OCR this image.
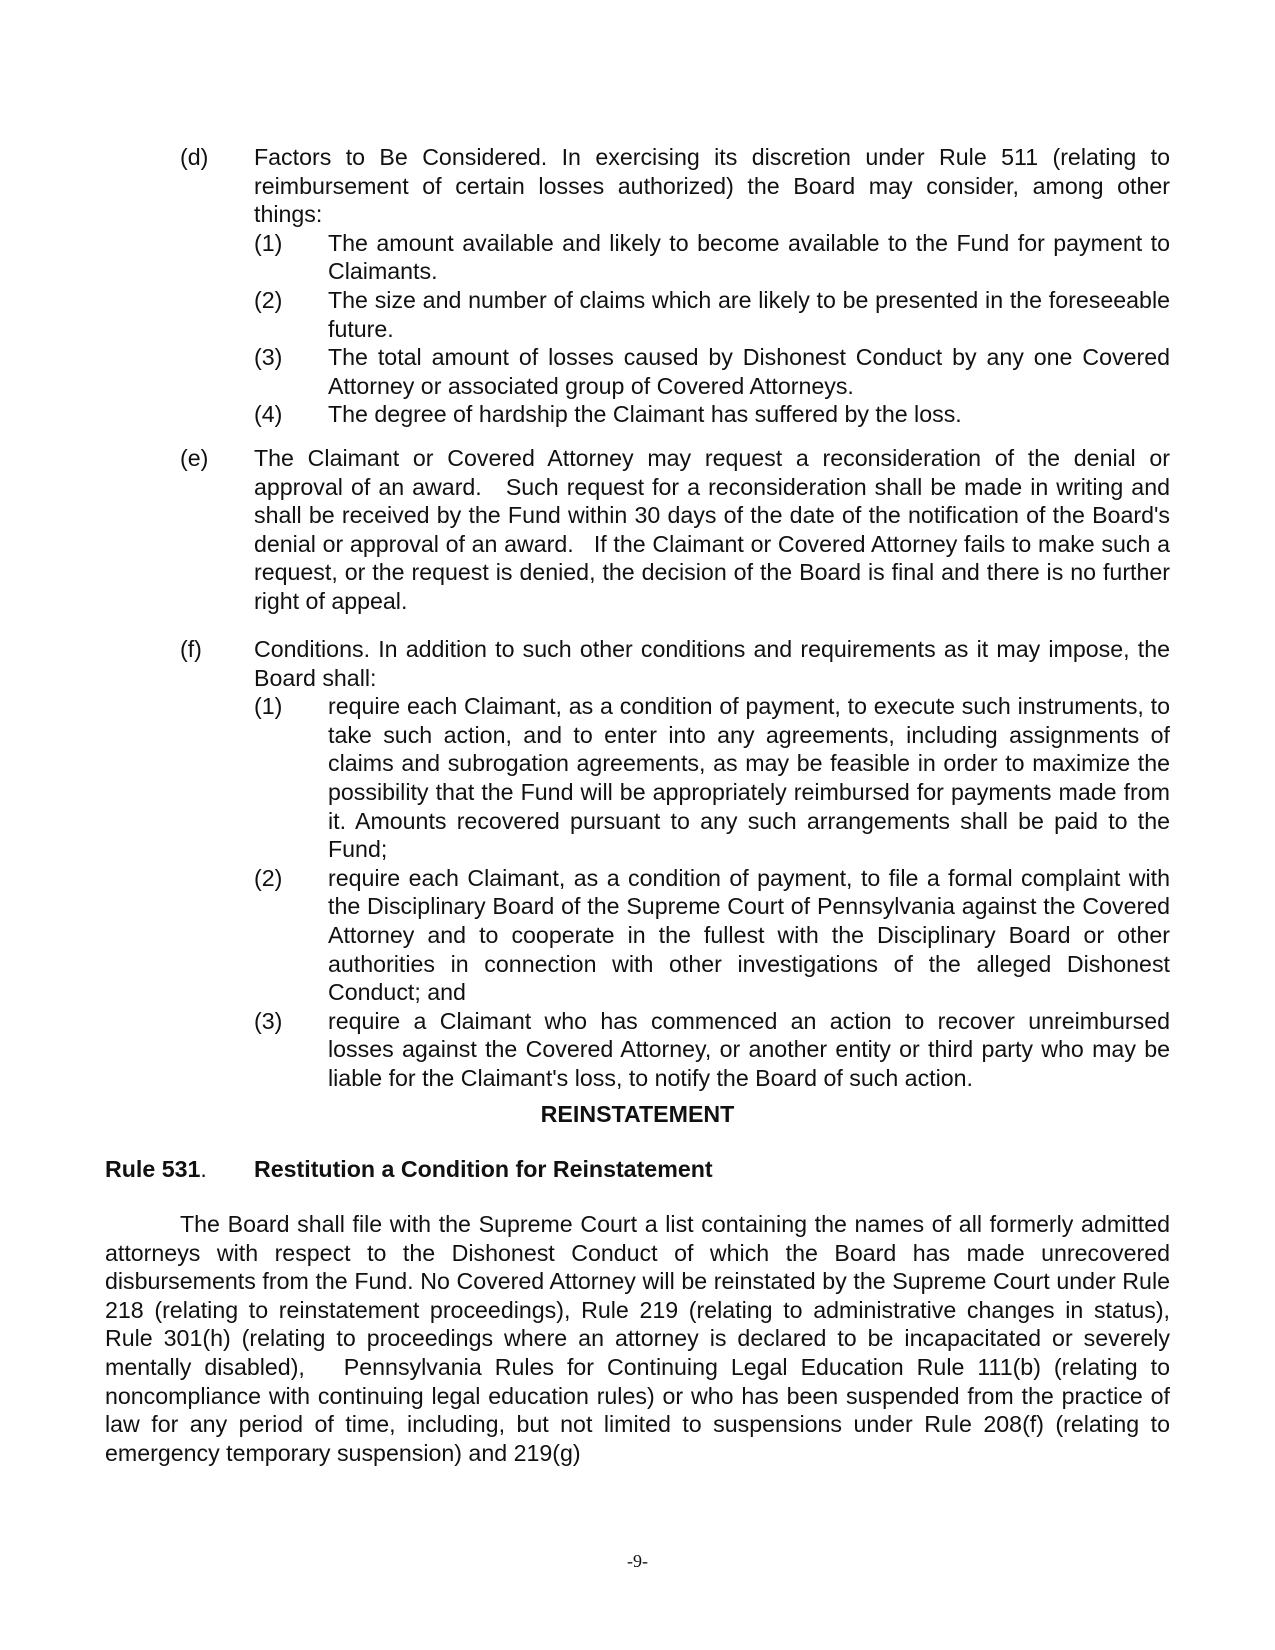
(d) Factors to Be Considered. In exercising its discretion under Rule 511 (relating to reimbursement of certain losses authorized) the Board may consider, among other things:
(1) The amount available and likely to become available to the Fund for payment to Claimants.
(2) The size and number of claims which are likely to be presented in the foreseeable future.
(3) The total amount of losses caused by Dishonest Conduct by any one Covered Attorney or associated group of Covered Attorneys.
(4) The degree of hardship the Claimant has suffered by the loss.
(e) The Claimant or Covered Attorney may request a reconsideration of the denial or approval of an award.   Such request for a reconsideration shall be made in writing and shall be received by the Fund within 30 days of the date of the notification of the Board's denial or approval of an award.   If the Claimant or Covered Attorney fails to make such a request, or the request is denied, the decision of the Board is final and there is no further right of appeal.
(f) Conditions. In addition to such other conditions and requirements as it may impose, the Board shall:
(1) require each Claimant, as a condition of payment, to execute such instruments, to take such action, and to enter into any agreements, including assignments of claims and subrogation agreements, as may be feasible in order to maximize the possibility that the Fund will be appropriately reimbursed for payments made from it. Amounts recovered pursuant to any such arrangements shall be paid to the Fund;
(2) require each Claimant, as a condition of payment, to file a formal complaint with the Disciplinary Board of the Supreme Court of Pennsylvania against the Covered Attorney and to cooperate in the fullest with the Disciplinary Board or other authorities in connection with other investigations of the alleged Dishonest Conduct; and
(3) require a Claimant who has commenced an action to recover unreimbursed losses against the Covered Attorney, or another entity or third party who may be liable for the Claimant's loss, to notify the Board of such action.
REINSTATEMENT
Rule 531. Restitution a Condition for Reinstatement
The Board shall file with the Supreme Court a list containing the names of all formerly admitted attorneys with respect to the Dishonest Conduct of which the Board has made unrecovered disbursements from the Fund. No Covered Attorney will be reinstated by the Supreme Court under Rule 218 (relating to reinstatement proceedings), Rule 219 (relating to administrative changes in status), Rule 301(h) (relating to proceedings where an attorney is declared to be incapacitated or severely mentally disabled),   Pennsylvania Rules for Continuing Legal Education Rule 111(b) (relating to noncompliance with continuing legal education rules) or who has been suspended from the practice of law for any period of time, including, but not limited to suspensions under Rule 208(f) (relating to emergency temporary suspension) and 219(g)
-9-
